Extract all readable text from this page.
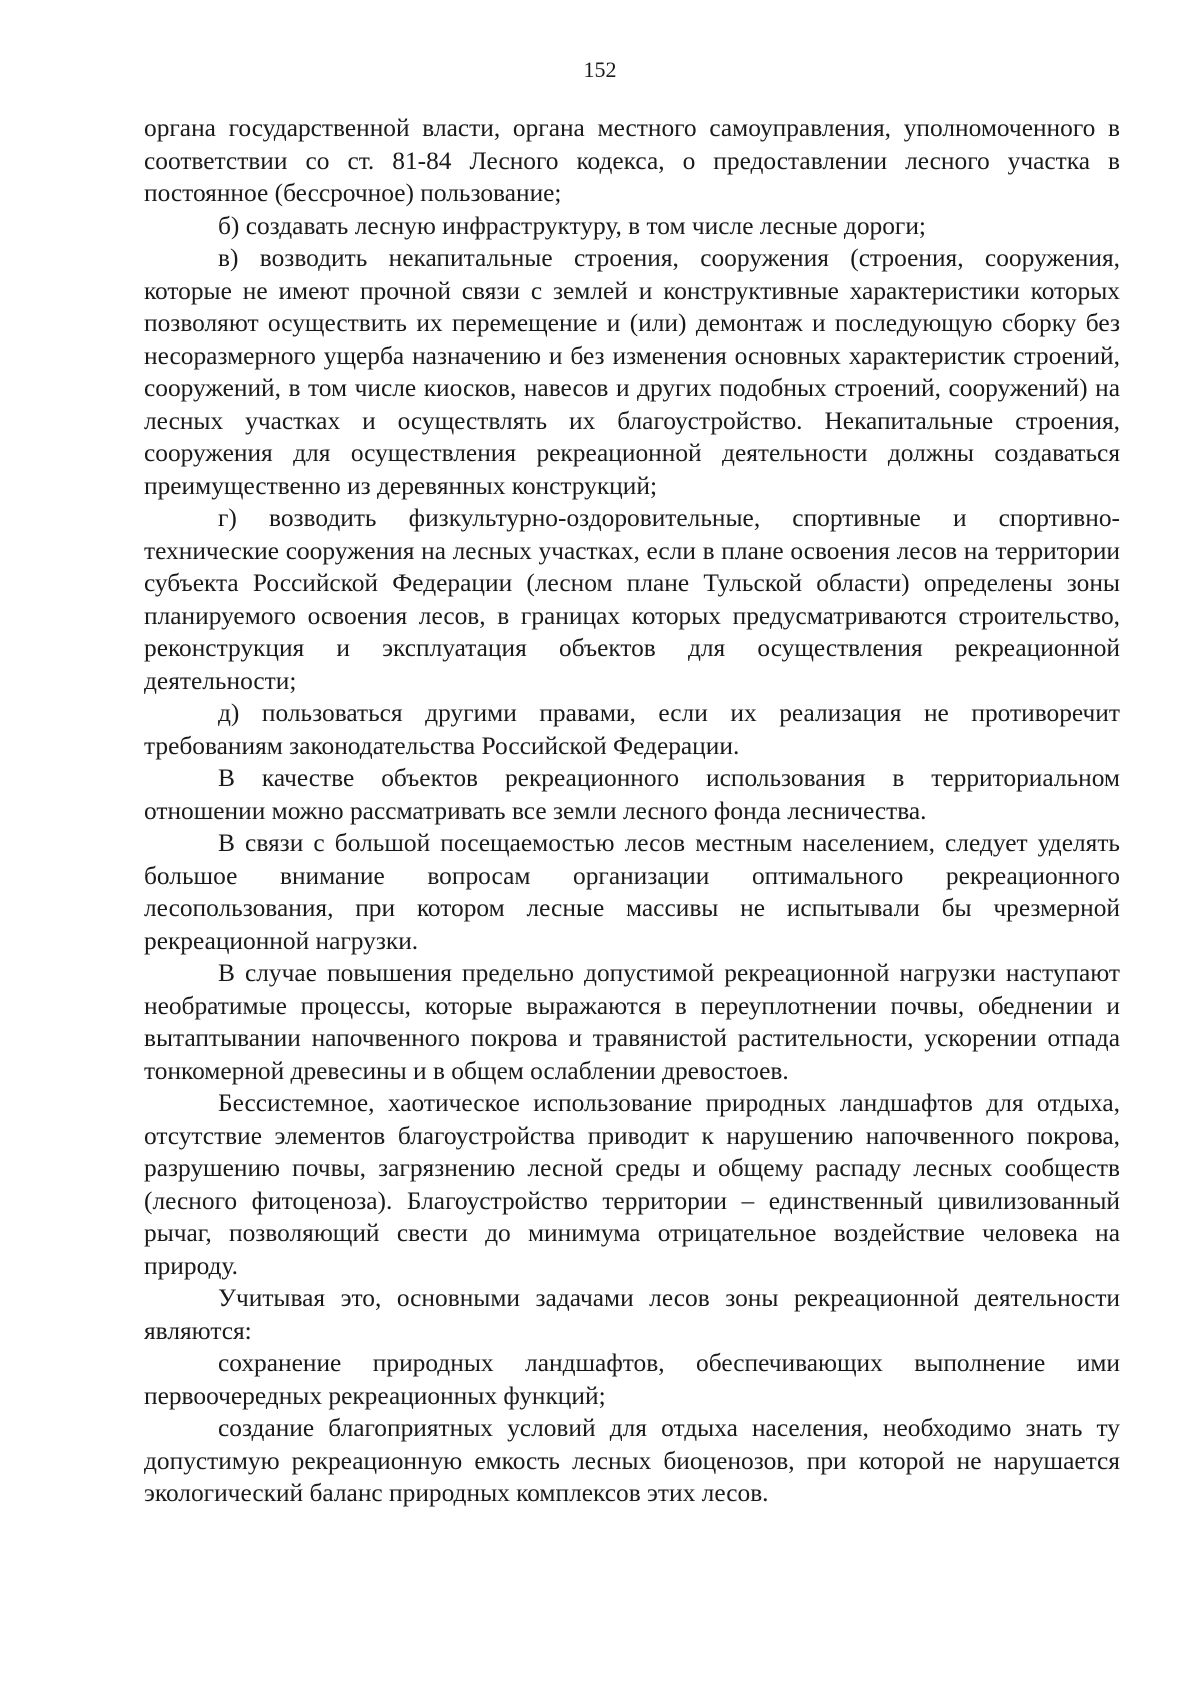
152

органа государственной власти, органа местного самоуправления, уполномоченного в соответствии со ст. 81-84 Лесного кодекса, о предоставлении лесного участка в постоянное (бессрочное) пользование;

б) создавать лесную инфраструктуру, в том числе лесные дороги;

в) возводить некапитальные строения, сооружения (строения, сооружения, которые не имеют прочной связи с землей и конструктивные характеристики которых позволяют осуществить их перемещение и (или) демонтаж и последующую сборку без несоразмерного ущерба назначению и без изменения основных характеристик строений, сооружений, в том числе киосков, навесов и других подобных строений, сооружений) на лесных участках и осуществлять их благоустройство. Некапитальные строения, сооружения для осуществления рекреационной деятельности должны создаваться преимущественно из деревянных конструкций;

г) возводить физкультурно-оздоровительные, спортивные и спортивно-технические сооружения на лесных участках, если в плане освоения лесов на территории субъекта Российской Федерации (лесном плане Тульской области) определены зоны планируемого освоения лесов, в границах которых предусматриваются строительство, реконструкция и эксплуатация объектов для осуществления рекреационной деятельности;

д) пользоваться другими правами, если их реализация не противоречит требованиям законодательства Российской Федерации.

В качестве объектов рекреационного использования в территориальном отношении можно рассматривать все земли лесного фонда лесничества.

В связи с большой посещаемостью лесов местным населением, следует уделять большое внимание вопросам организации оптимального рекреационного лесопользования, при котором лесные массивы не испытывали бы чрезмерной рекреационной нагрузки.

В случае повышения предельно допустимой рекреационной нагрузки наступают необратимые процессы, которые выражаются в переуплотнении почвы, обеднении и вытаптывании напочвенного покрова и травянистой растительности, ускорении отпада тонкомерной древесины и в общем ослаблении древостоев.

Бессистемное, хаотическое использование природных ландшафтов для отдыха, отсутствие элементов благоустройства приводит к нарушению напочвенного покрова, разрушению почвы, загрязнению лесной среды и общему распаду лесных сообществ (лесного фитоценоза). Благоустройство территории – единственный цивилизованный рычаг, позволяющий свести до минимума отрицательное воздействие человека на природу.

Учитывая это, основными задачами лесов зоны рекреационной деятельности являются:

сохранение природных ландшафтов, обеспечивающих выполнение ими первоочередных рекреационных функций;

создание благоприятных условий для отдыха населения, необходимо знать ту допустимую рекреационную емкость лесных биоценозов, при которой не нарушается экологический баланс природных комплексов этих лесов.
